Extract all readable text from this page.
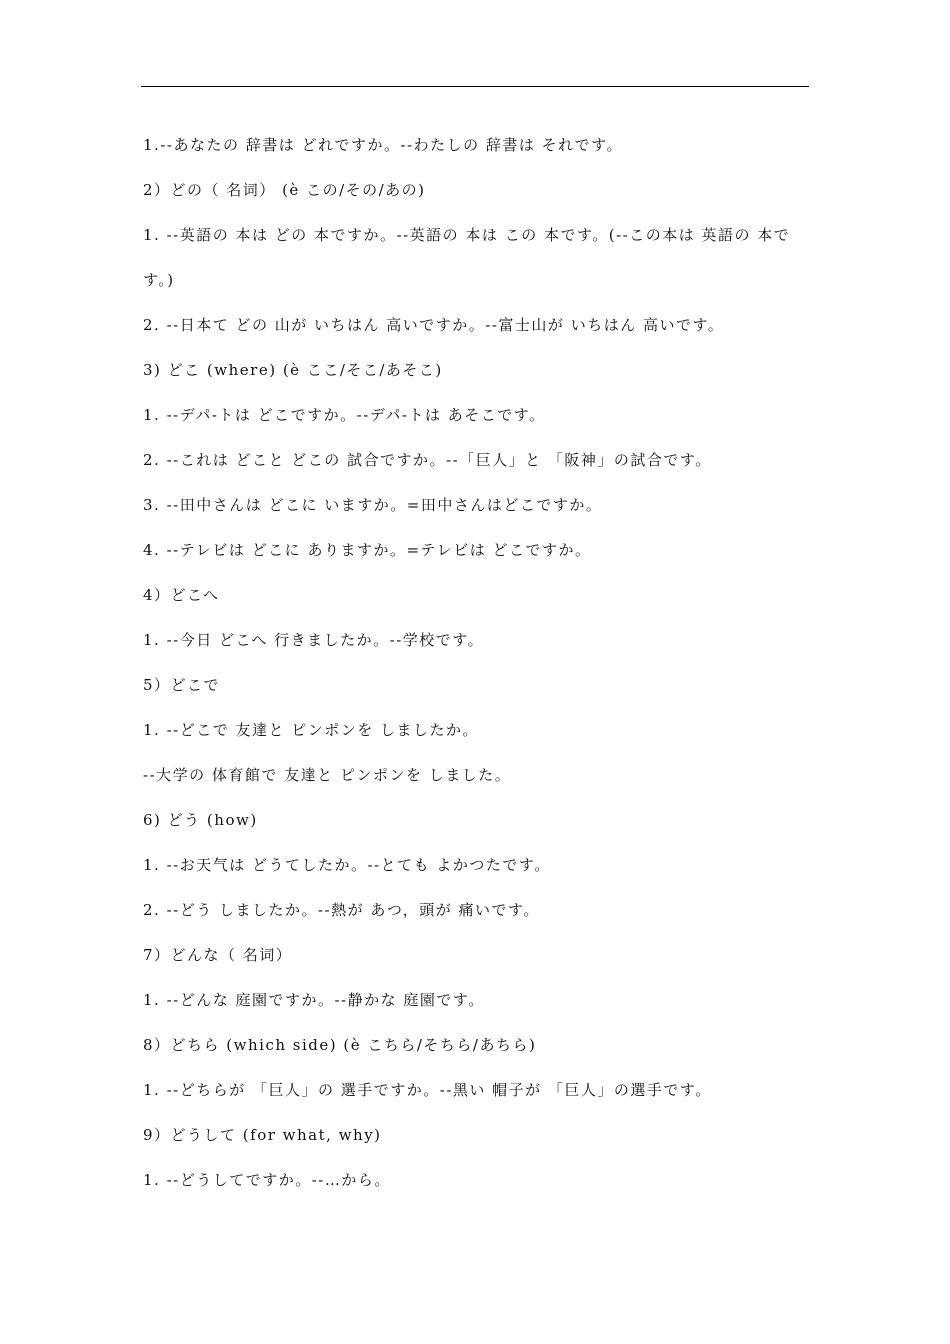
1.--あなたの 辞書は どれですか。--わたしの 辞書は それです。
2）どの（ 名词） (è この/その/あの)
1. --英語の 本は どの 本ですか。--英語の 本は この 本です。(--この本は 英語の 本です。)
2. --日本て どの 山が いちはん 高いですか。--富士山が いちはん 高いです。
3) どこ (where) (è ここ/そこ/あそこ)
1. --デパ-トは どこですか。--デパ-トは あそこです。
2. --これは どこと どこの 試合ですか。--「巨人」と 「阪神」の試合です。
3. --田中さんは どこに いますか。=田中さんはどこですか。
4. --テレビは どこに ありますか。=テレビは どこですか。
4）どこへ
1. --今日 どこへ 行きましたか。--学校です。
5）どこで
1. --どこで 友達と ピンポンを しましたか。
--大学の 体育館で 友達と ピンポンを しました。
6) どう (how)
1. --お天气は どうてしたか。--とても よかつたです。
2. --どう しましたか。--熱が あつ，頭が 痛いです。
7）どんな（ 名词）
1. --どんな 庭園ですか。--静かな 庭園です。
8）どちら (which side) (è こちら/そちら/あちら)
1. --どちらが 「巨人」の 選手ですか。--黑い 帽子が 「巨人」の選手です。
9）どうして (for what, why)
1. --どうしてですか。--…から。
